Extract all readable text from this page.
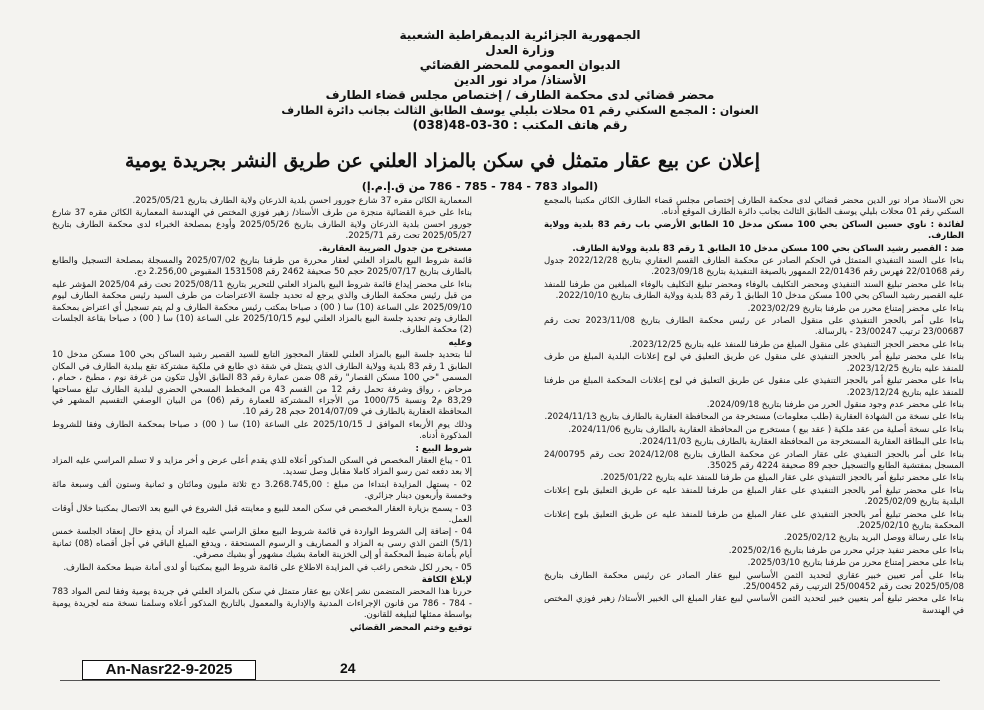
الجمهورية الجزائرية الديمقراطية الشعبية
وزارة العدل
الديوان العمومي للمحضر القضائي
الأستاذ/ مراد نور الدين
محضر قضائي لدى محكمة الطارف / إختصاص مجلس قضاء الطارف
العنوان : المجمع السكني رقم 01 محلات بليلي يوسف الطابق الثالث بجانب دائرة الطارف
رقم هاتف المكتب : 30-03-48(038)
إعلان عن بيع عقار متمثل في سكن بالمزاد العلني عن طريق النشر بجريدة يومية
(المواد 783 - 784 - 785 - 786 من ق.إ.م.إ)

نحن الأستاذ مراد نور الدين محضر قضائي لدى محكمة الطارف إختصاص مجلس قضاء الطارف الكائن مكتبنا بالمجمع السكني رقم 01 محلات بليلي يوسف الطابق الثالث بجانب دائرة الطارف الموقع أدناه.

لفائدة : ناوي حسين الساكن بحي 100 مسكن مدخل 10 الطابق الأرضي باب رقم 83 بلدية وولاية الطارف.

ضد : القصير رشيد الساكن بحي 100 مسكن مدخل 10 الطابق 1 رقم 83 بلدية وولاية الطارف.

بناءا على السند التنفيذي المتمثل في الحكم الصادر عن محكمة الطارف القسم العقاري بتاريخ 2022/12/28 جدول رقم 22/01068 فهرس رقم 22/01436 الممهور بالصيغة التنفيذية بتاريخ 2023/09/18.

بناءا على محضر تبليغ السند التنفيذي ومحضر التكليف بالوفاء ومحضر تبليغ التكليف بالوفاء المبلغين من طرفنا للمنفذ عليه القصير رشيد الساكن بحي 100 مسكن مدخل 10 الطابق 1 رقم 83 بلدية وولاية الطارف بتاريخ 2022/10/10.

بناءا على محضر إمتناع محرر من طرفنا بتاريخ 2023/02/29.

بناءا على أمر بالحجز التنفيذي على منقول الصادر عن رئيس محكمة الطارف بتاريخ 2023/11/08 تحت رقم 23/00687 ترتيب 23/00247 - بالرسالة.

بناءا على محضر الحجز التنفيذي على منقول المبلغ من طرفنا للمنفذ عليه بتاريخ 2023/12/25.

بناءا على محضر تبليغ أمر بالحجز التنفيذي على منقول عن طريق التعليق في لوح إعلانات البلدية المبلغ من طرف للمنفذ عليه بتاريخ 2023/12/25.

بناءا على محضر تبليغ أمر بالحجز التنفيذي على منقول عن طريق التعليق في لوح إعلانات المحكمة المبلغ من طرفنا للمنفذ عليه بتاريخ 2023/12/24.

بناءا على محضر عدم وجود منقول الحرر من طرفنا بتاريخ 2024/09/18.

بناءا على نسخة من الشهادة العقارية (طلب معلومات) مستخرجة من المحافظة العقارية بالطارف بتاريخ 2024/11/13.

بناءا على نسخة أصلية من عقد ملكية ( عقد بيع ) مستخرج من المحافظة العقارية بالطارف بتاريخ 2024/11/06.

بناءا على البطاقة العقارية المستخرجة من المحافظة العقارية بالطارف بتاريخ 2024/11/03.

بناءا على أمر بالحجز التنفيذي على عقار الصادر عن محكمة الطارف بتاريخ 2024/12/08 تحت رقم 24/00795 المسجل بمفتشية الطابع والتسجيل حجم 89 صحيفة 4224 رقم 35025.

بناءا على محضر تبليغ أمر بالحجز التنفيذي على عقار المبلغ من طرفنا للمنفذ عليه بتاريخ 2025/01/22.

بناءا على محضر تبليغ أمر بالحجز التنفيذي على عقار المبلغ من طرفنا للمنفذ عليه عن طريق التعليق بلوح إعلانات البلدية بتاريخ 2025/02/09.

بناءا على محضر تبليغ أمر بالحجز التنفيذي على عقار المبلغ من طرفنا للمنفذ عليه عن طريق التعليق بلوح إعلانات المحكمة بتاريخ 2025/02/10.

بناءا على رسالة ووصل البريد بتاريخ 2025/02/12.

بناءا على محضر تنفيذ جزئي محرر من طرفنا بتاريخ 2025/02/16.

بناءا على محضر إمتناع محرر من طرفنا بتاريخ 2025/03/10.

بناءا على أمر تعيين خبير عقاري لتحديد الثمن الأساسي لبيع عقار الصادر عن رئيس محكمة الطارف بتاريخ 2025/05/08 تحت رقم 25/00452 الترتيب رقم 25/00452.

بناءا على محضر تبليغ أمر بتعيين خبير لتحديد الثمن الأساسي لبيع عقار المبلغ الى الخبير الأستاذ/ زهير فوزي المختص في الهندسة

المعمارية الكائن مقره 37 شارع جورور احسن بلدية الذرعان ولاية الطارف بتاريخ 2025/05/21.

بناءا على خبرة القضائية منجزة من طرف الأستاذ/ زهير فوزي المختص في الهندسة المعمارية الكائن مقره 37 شارع جورور احسن بلدية الذرعان ولاية الطارف بتاريخ 2025/05/26 وأودع بمصلحة الخبراء لدى محكمة الطارف بتاريخ 2025/05/27 تحت رقم 2025/71.

مستخرج من جدول الضريبة العقارية.

قائمة شروط البيع بالمزاد العلني لعقار محررة من طرفنا بتاريخ 2025/07/02 والمسجلة بمصلحة التسجيل والطابع بالطارف بتاريخ 2025/07/17 حجم 50 صحيفة 2462 رقم 1531508 المقبوض 2.256,00 دج.

بناءا على محضر إيداع قائمة شروط البيع بالمزاد العلني للتحرير بتاريخ 2025/08/11 تحت رقم 2025/04 المؤشر عليه من قبل رئيس محكمة الطارف والذي يرجع له تحديد جلسة الاعتراضات من طرف السيد رئيس محكمة الطارف ليوم 2025/09/10 على الساعة (10) سا ( 00) د صباحا بمكتب رئيس محكمة الطارف و لم يتم تسجيل أي اعتراض بمحكمة الطارف وتم تحديد جلسة البيع بالمزاد العلني ليوم 2025/10/15 على الساعة (10) سا ( 00) د صباحا بقاعة الجلسات (2) محكمة الطارف.

وعليه

لنا بتحديد جلسة البيع بالمزاد العلني للعقار المحجوز التابع للسيد القصير رشيد الساكن بحي 100 مسكن مدخل 10 الطابق 1 رقم 83 بلدية وولاية الطارف الذي يتمثل في شقة ذي طابع في ملكية مشتركة تقع ببلدية الطارف في المكان المسمى "حي 100 مسكن القصار" رقم 08 ضمن عمارة رقم 83 الطابق الأول تتكون من غرفة نوم ، مطبخ ، حمام ، مرحاض ، رواق وشرفة تحمل رقم 12 من القسم 43 من المخطط المسحي الحضري لبلدية الطارف تبلغ مساحتها 83,29 م2 ونسبة 1000/75 من الأجزاء المشتركة للعمارة رقم (06) من البيان الوصفي التقسيم المشهر في المحافظة العقارية بالطارف في 2014/07/09 حجم 28 رقم 10.

وذلك يوم الأربعاء الموافق لـ 2025/10/15 على الساعة (10) سا ( 00) د صباحا بمحكمة الطارف وفقا للشروط المذكورة أدناه.

شروط البيع :

01 - يباع العقار المخصص في السكن المذكور أعلاه للذي يقدم أعلى عرض و أخر مزايد و لا تسلم المراسي عليه المزاد إلا بعد دفعه ثمن رسو المزاد كاملا مقابل وصل تسديد.

02 - يستهل المزايدة ابتداءا من مبلغ : 3.268.745,00 دج ثلاثة مليون ومائتان و ثمانية وستون ألف وسبعة مائة وخمسة وأربعون دينار جزائري.

03 - يسمح بزيارة العقار المخصص في سكن المعد للبيع و معاينته قبل الشروع في البيع بعد الاتصال بمكتبنا خلال أوقات العمل.

04 - إضافة إلى الشروط الواردة في قائمة شروط البيع معلق الراسي عليه المزاد أن يدفع حال إنعقاد الجلسة خمس (5/1) الثمن الذي رسى به المزاد و المصاريف و الرسوم المستحقة ، ويدفع المبلغ الباقي في أجل أقصاه (08) ثمانية أيام بأمانة ضبط المحكمة أو إلى الخزينة العامة بشيك مشهور أو بشيك مصرفي.

05 - يحرر لكل شخص راغب في المزايدة الاطلاع على قائمة شروط البيع بمكتبنا أو لدى أمانة ضبط محكمة الطارف.

لإبلاغ الكافة

حررنا هذا المحضر المتضمن نشر إعلان بيع عقار متمثل في سكن بالمزاد العلني في جريدة يومية وفقا لنص المواد 783 - 784 - 786 من قانون الإجراءات المدنية والإدارية والمعمول بالتاريخ المذكور أعلاه وسلمنا نسخة منه لجريدة يومية بواسطة ممثلها لتبليغه للقانون.

توقيع وختم المحضر القضائي

An-Nasr22-9-2025	24
